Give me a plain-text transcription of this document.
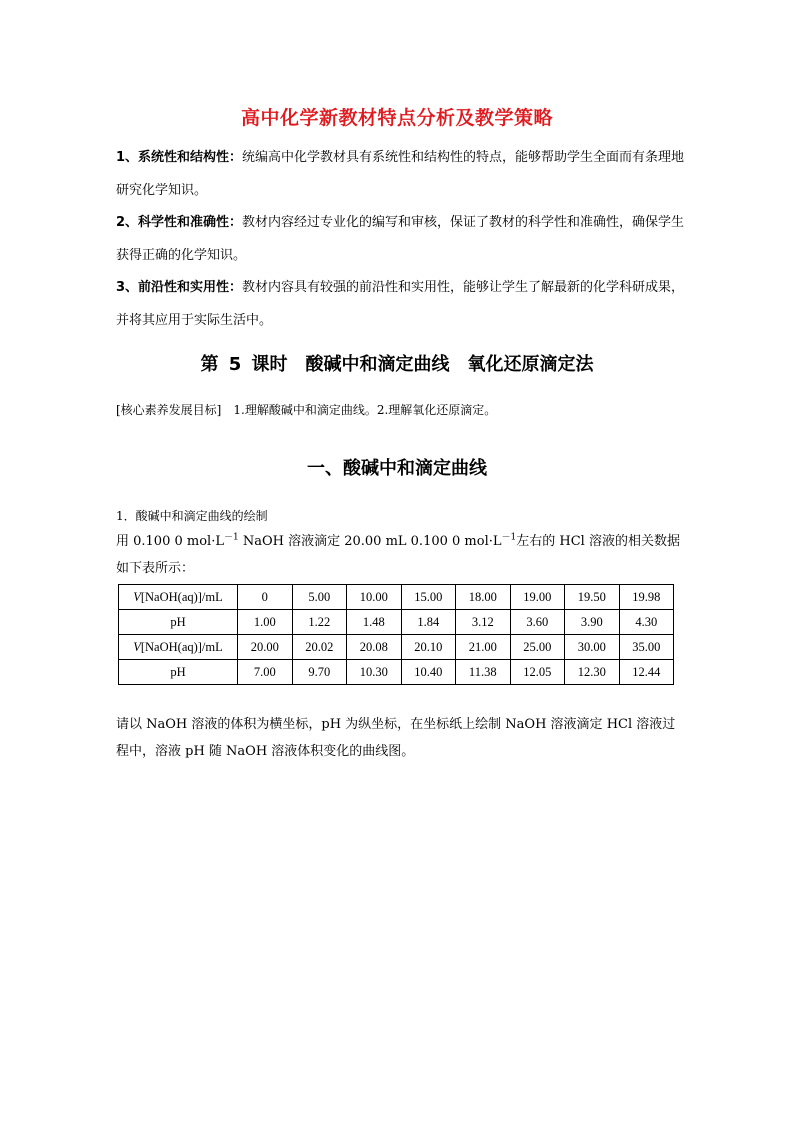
高中化学新教材特点分析及教学策略

1、系统性和结构性：统编高中化学教材具有系统性和结构性的特点，能够帮助学生全面而有条理地研究化学知识。

2、科学性和准确性：教材内容经过专业化的编写和审核，保证了教材的科学性和准确性，确保学生获得正确的化学知识。

3、前沿性和实用性：教材内容具有较强的前沿性和实用性，能够让学生了解最新的化学科研成果，并将其应用于实际生活中。

第 5 课时　酸碱中和滴定曲线　氧化还原滴定法
[核心素养发展目标]　1.理解酸碱中和滴定曲线。2.理解氧化还原滴定。
一、酸碱中和滴定曲线
1．酸碱中和滴定曲线的绘制
用 0.100 0 $mol\cdot L^{-1}$ NaOH 溶液滴定 20.00 mL 0.100 0 $mol\cdot L^{-1}$左右的 HCl 溶液的相关数据如下表所示：
V[NaOH(aq)]/mL	0	5.00	10.00	15.00	18.00	19.00	19.50	19.98
pH	1.00	1.22	1.48	1.84	3.12	3.60	3.90	4.30
V[NaOH(aq)]/mL	20.00	20.02	20.08	20.10	21.00	25.00	30.00	35.00
pH	7.00	9.70	10.30	10.40	11.38	12.05	12.30	12.44
请以 NaOH 溶液的体积为横坐标，pH 为纵坐标，在坐标纸上绘制 NaOH 溶液滴定 HCl 溶液过程中，溶液 pH 随 NaOH 溶液体积变化的曲线图。
